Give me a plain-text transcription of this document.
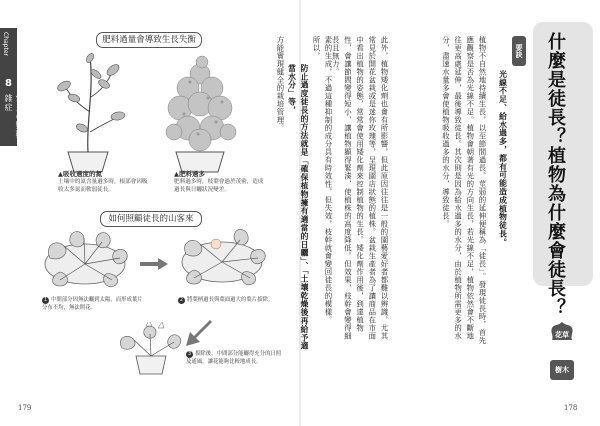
Chapter
8
常見の疑難雜症
肥料過量會導致生長失衡
▲吸收過度的氮
土壤中的氮含量過多時，根部會因吸收太多氮而軟弱徒長。
▲肥料過多
肥料過多時，枝葉會過於茂密，造成過長與日曬狀況變差。
如何照顧徒長的山客來
1 中間部分因無法曬到太陽，而形成葉片分布不均，無法開花。
2 將葉柄過長與葉面過大的葉片拔除。
3 拔除後，中間部分能曬得充分的日照及通風，讓花能夠比較地成長。
179
什麼是徒長？植物為什麼會徒長？
要訣
光線不足、給水過多，都有可能造成植物徒長。
植物不自然地持續生長，以至節間過長、莖弱的延伸便稱為「徒長」。發現徒長時，首先應觀察是否為光線不足。植物會朝著有光的方向生長，若光線不足，植物依然會不斷地往更高處延伸，最後導致徒長。其次則是因為給水過多的水分，由於植物所需更多的水分，盡速水量多會使植物吸收過多的水分，導致徒長。
此外，植物矮化劑也會有所影響，但此原因往往是一般的園藝愛好者都難以辨識，尤其常見於開花盆栽或是迷你玫瑰等，呈現園店狀態的植株。盆栽生產者為了讓商品在市面中看出植物的姿態，常常會使用矮化劑來控制植物的生長。矮化劑作用後，到達植物性，會讓節間變得短小，讓植物顯得緊湊，使植株的高度降低。但效果，枝幹會變得細長且無力。
素的生成，不過這種抑制的成分具有時效性，但失效，枝幹就會變回徒長的模樣。
所以，
防止過度徒長的方法就是「確保植物擁有適當的日曬」、「土壤乾燥後再給予適當水分」等，
方能實現健全的栽培管理。
花草
樹木
178
